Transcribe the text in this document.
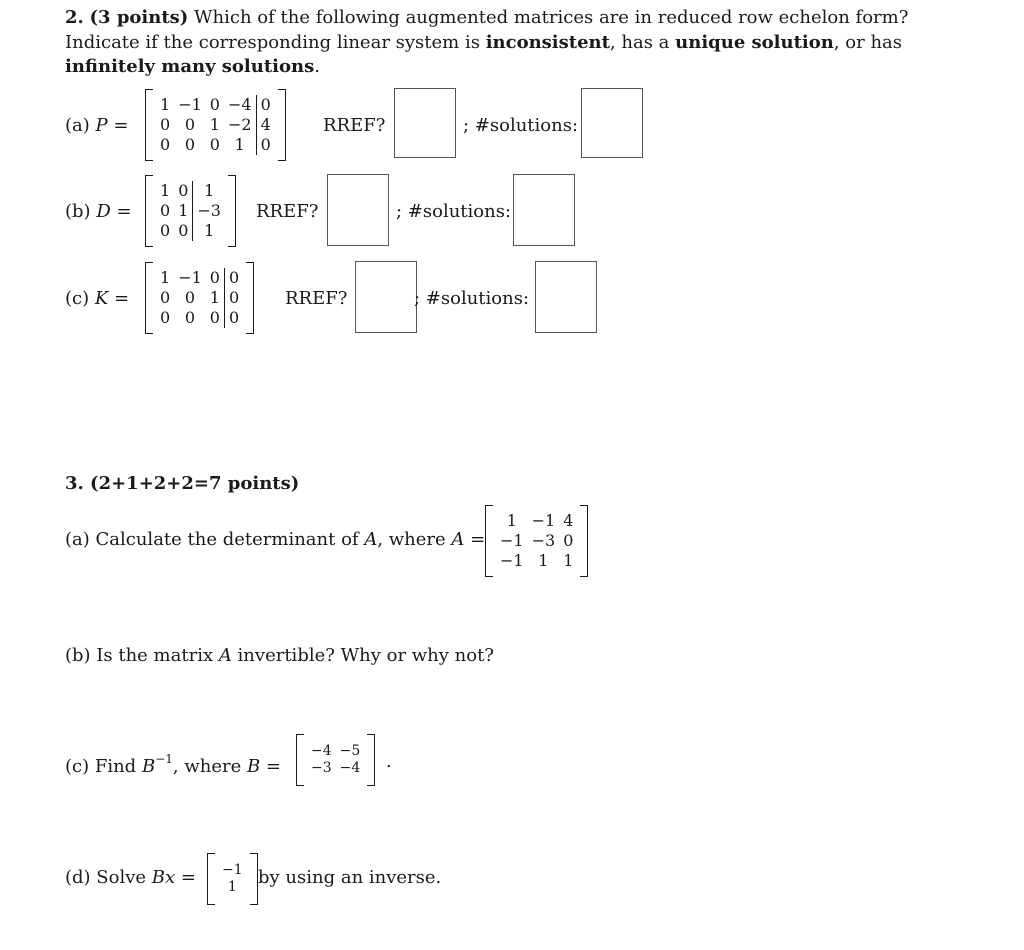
2. (3 points) Which of the following augmented matrices are in reduced row echelon form?
Indicate if the corresponding linear system is inconsistent, has a unique solution, or has
infinitely many solutions.

(a) P =
1 −1 0 −4 0
0 0 1 −2 4
0 0 0 1 0
RREF?	; #solutions:
(b) D =
1 0 1
0 1 −3
0 0 1
RREF?	; #solutions:
(c) K =
1 −1 0 0
0 0 1 0
0 0 0 0
RREF?	; #solutions:
3. (2+1+2+2=7 points)
(a) Calculate the determinant of A, where A =
1 −1 4
−1 −3 0
−1 1 1
(b) Is the matrix A invertible? Why or why not?
(c) Find $B^{-1}$, where B =
−4 −5
−3 −4 .
(d) Solve Bx = −1
1	by using an inverse.
